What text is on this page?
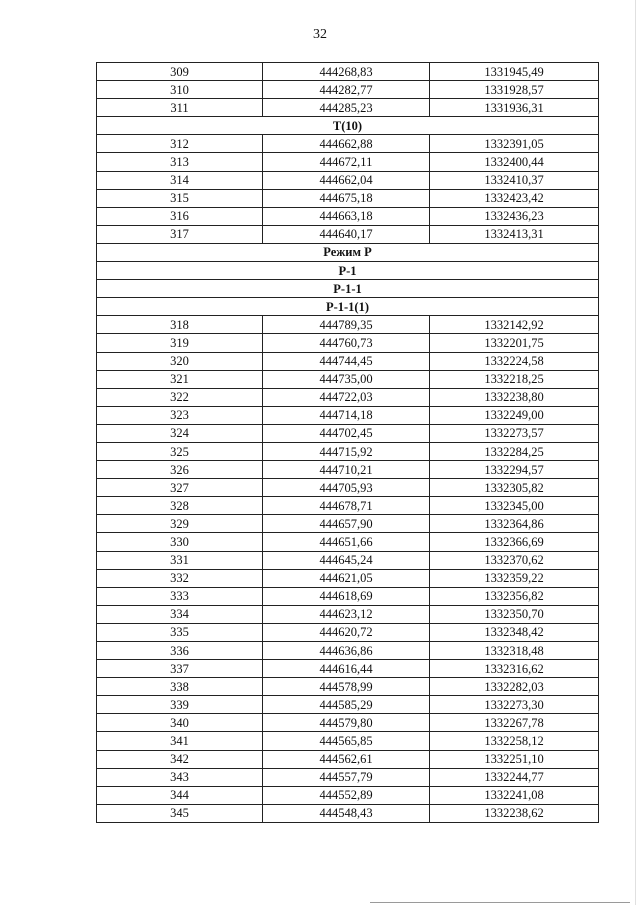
32
309	444268,83	1331945,49
310	444282,77	1331928,57
311	444285,23	1331936,31
Т(10)		
312	444662,88	1332391,05
313	444672,11	1332400,44
314	444662,04	1332410,37
315	444675,18	1332423,42
316	444663,18	1332436,23
317	444640,17	1332413,31
Режим Р		
Р-1		
Р-1-1		
Р-1-1(1)		
318	444789,35	1332142,92
319	444760,73	1332201,75
320	444744,45	1332224,58
321	444735,00	1332218,25
322	444722,03	1332238,80
323	444714,18	1332249,00
324	444702,45	1332273,57
325	444715,92	1332284,25
326	444710,21	1332294,57
327	444705,93	1332305,82
328	444678,71	1332345,00
329	444657,90	1332364,86
330	444651,66	1332366,69
331	444645,24	1332370,62
332	444621,05	1332359,22
333	444618,69	1332356,82
334	444623,12	1332350,70
335	444620,72	1332348,42
336	444636,86	1332318,48
337	444616,44	1332316,62
338	444578,99	1332282,03
339	444585,29	1332273,30
340	444579,80	1332267,78
341	444565,85	1332258,12
342	444562,61	1332251,10
343	444557,79	1332244,77
344	444552,89	1332241,08
345	444548,43	1332238,62
